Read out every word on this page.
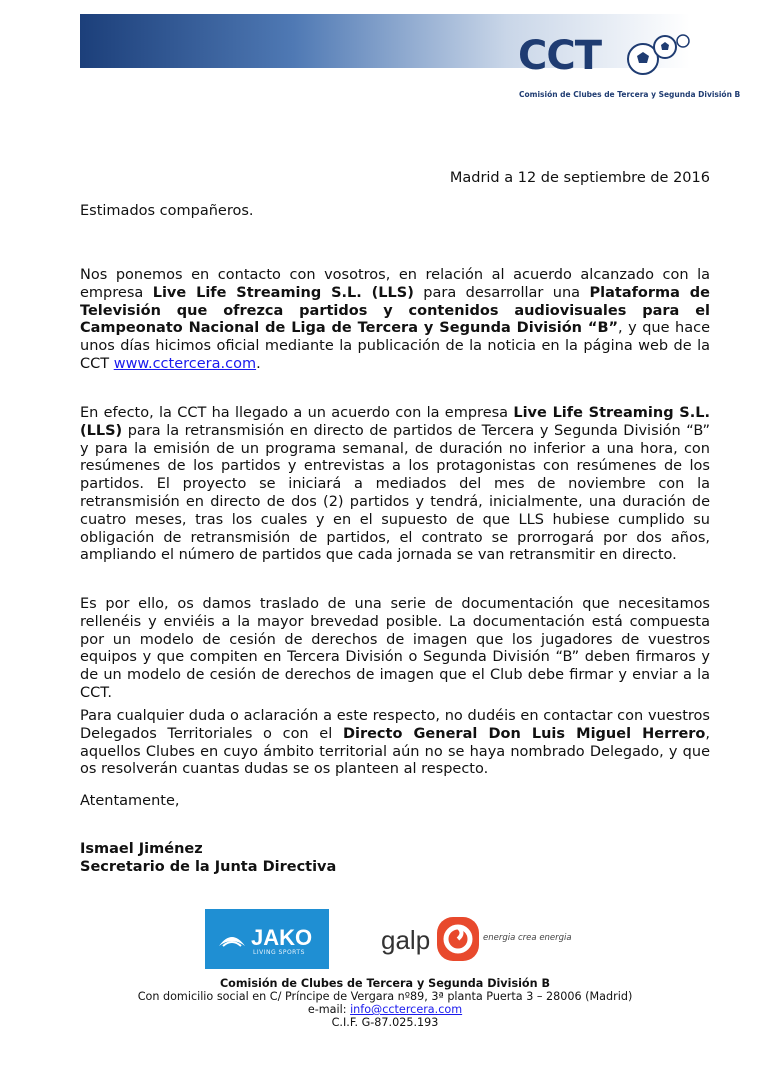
CCT
Comisión de Clubes de Tercera y Segunda División B
Madrid a 12 de septiembre de 2016
Estimados compañeros.
Nos ponemos en contacto con vosotros, en relación al acuerdo alcanzado con la empresa Live Life Streaming S.L. (LLS) para desarrollar una Plataforma de Televisión que ofrezca partidos y contenidos audiovisuales para el Campeonato Nacional de Liga de Tercera y Segunda División “B”, y que hace unos días hicimos oficial mediante la publicación de la noticia en la página web de la CCT www.cctercera.com.
En efecto, la CCT ha llegado a un acuerdo con la empresa Live Life Streaming S.L. (LLS) para la retransmisión en directo de partidos de Tercera y Segunda División “B” y para la emisión de un programa semanal, de duración no inferior a una hora, con resúmenes de los partidos y entrevistas a los protagonistas con resúmenes de los partidos. El proyecto se iniciará a mediados del mes de noviembre con la retransmisión en directo de dos (2) partidos y tendrá, inicialmente, una duración de cuatro meses, tras los cuales y en el supuesto de que LLS hubiese cumplido su obligación de retransmisión de partidos, el contrato se prorrogará por dos años, ampliando el número de partidos que cada jornada se van retransmitir en directo.
Es por ello, os damos traslado de una serie de documentación que necesitamos rellenéis y enviéis a la mayor brevedad posible. La documentación está compuesta por un modelo de cesión de derechos de imagen que los jugadores de vuestros equipos y que compiten en Tercera División o Segunda División “B” deben firmaros y de un modelo de cesión de derechos de imagen que el Club debe firmar y enviar a la CCT.
Para cualquier duda o aclaración a este respecto, no dudéis en contactar con vuestros Delegados Territoriales o con el Directo General Don Luis Miguel Herrero, aquellos Clubes en cuyo ámbito territorial aún no se haya nombrado Delegado, y que os resolverán cuantas dudas se os planteen al respecto.
Atentamente,
Ismael Jiménez
Secretario de la Junta Directiva
JAKO
LIVING SPORTS	galp	energia crea energia
Comisión de Clubes de Tercera y Segunda División B
Con domicilio social en C/ Príncipe de Vergara nº89, 3ª planta Puerta 3 – 28006 (Madrid)
e-mail: info@cctercera.com
C.I.F. G-87.025.193
